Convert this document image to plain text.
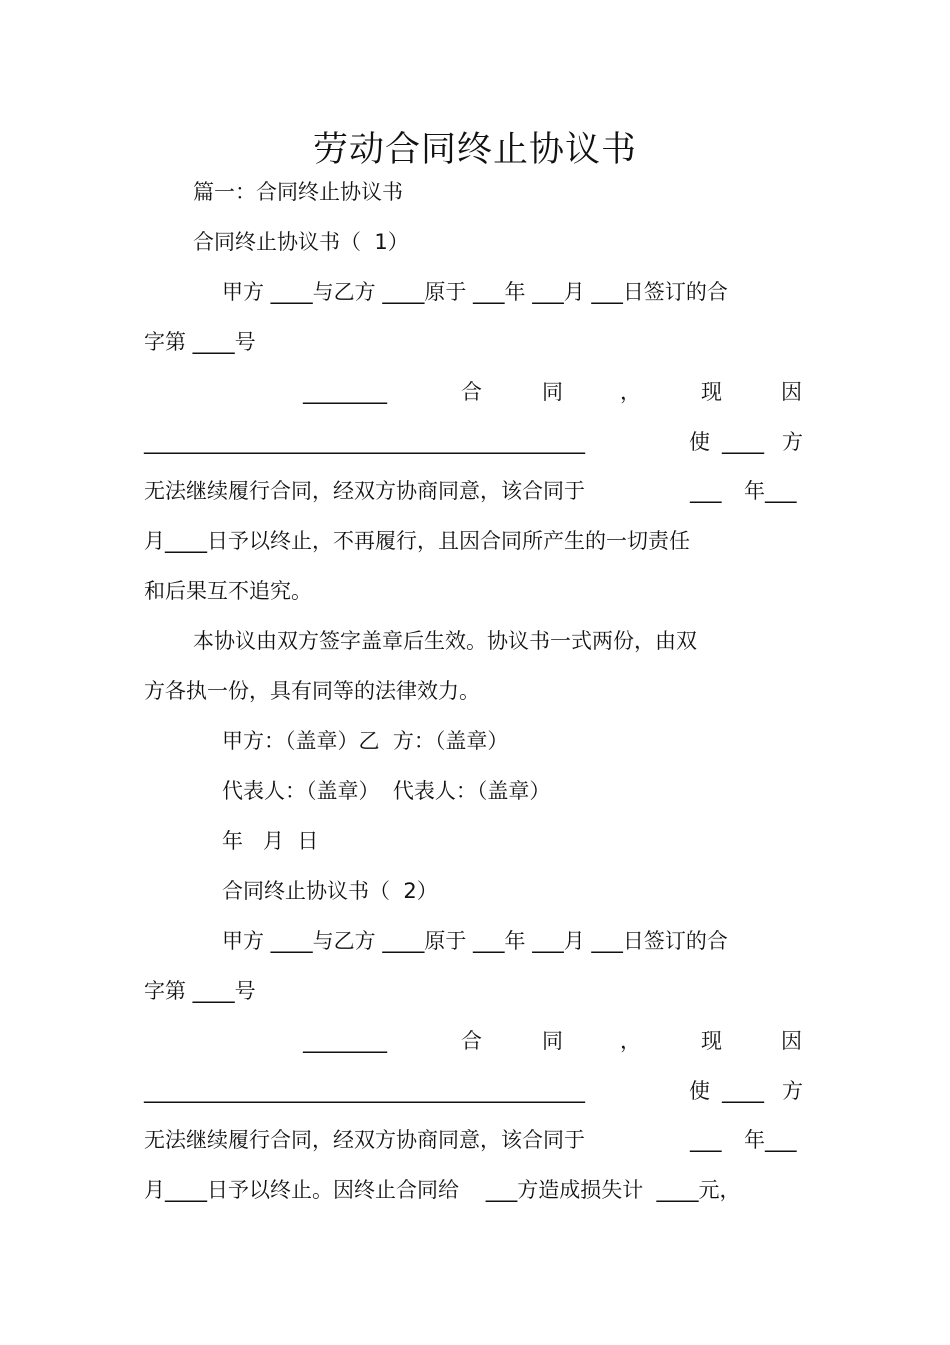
劳动合同终止协议书
篇一：合同终止协议书
合同终止协议书（  1）
甲方 ____与乙方 ____原于 ___年 ___月 ___日签订的合
字第 ____号
________	合	同	，	现	因
__________________________________________	使 ____ 方
无法继续履行合同，经双方协商同意，该合同于	___ 年___
月____日予以终止，不再履行，且因合同所产生的一切责任
和后果互不追究。
本协议由双方签字盖章后生效。协议书一式两份，由双
方各执一份，具有同等的法律效力。
甲方：（盖章）乙  方：（盖章）
代表人：（盖章）  代表人：（盖章）
年   月  日
合同终止协议书（  2）
甲方 ____与乙方 ____原于 ___年 ___月 ___日签订的合
字第 ____号
________	合	同	，	现	因
__________________________________________	使 ____ 方
无法继续履行合同，经双方协商同意，该合同于	___ 年___
月____日予以终止。因终止合同给    ___方造成损失计  ____元，
